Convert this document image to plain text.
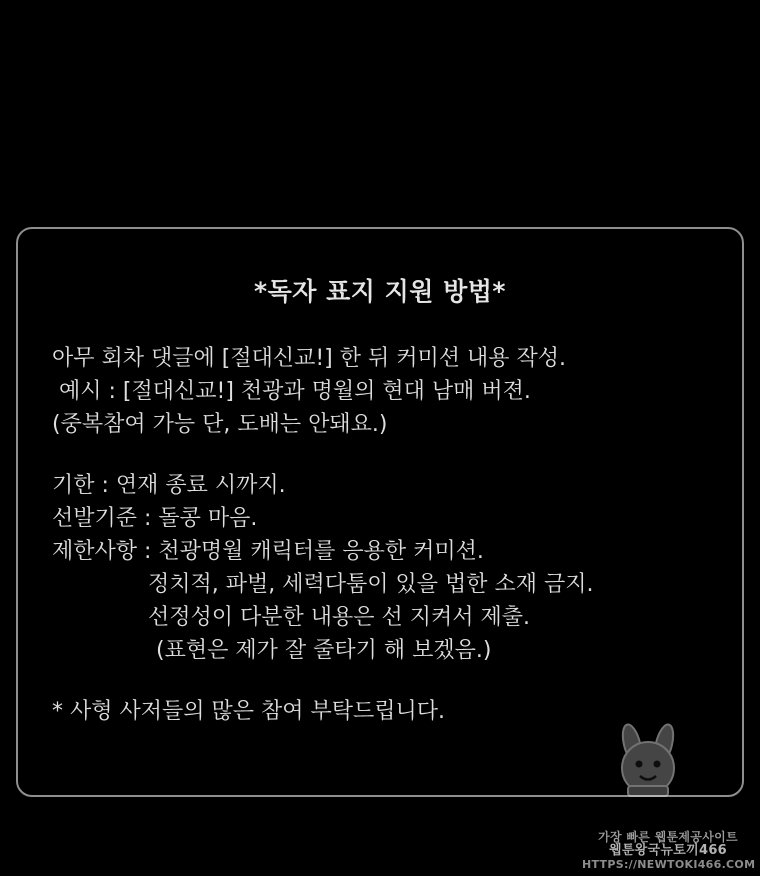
*독자 표지 지원 방법*

아무 회차 댓글에 [절대신교!] 한 뒤 커미션 내용 작성.

예시 : [절대신교!] 천광과 명월의 현대 남매 버젼.

(중복참여 가능 단, 도배는 안돼요.)

기한 : 연재 종료 시까지.

선발기준 : 돌콩 마음.

제한사항 : 천광명월 캐릭터를 응용한 커미션.

정치적, 파벌, 세력다툼이 있을 법한 소재 금지.

선정성이 다분한 내용은 선 지켜서 제출.

(표현은 제가 잘 줄타기 해 보겠음.)

* 사형 사저들의 많은 참여 부탁드립니다.

가장 빠른 웹툰제공사이트
웹툰왕국뉴토끼466
HTTPS://NEWTOKI466.COM
